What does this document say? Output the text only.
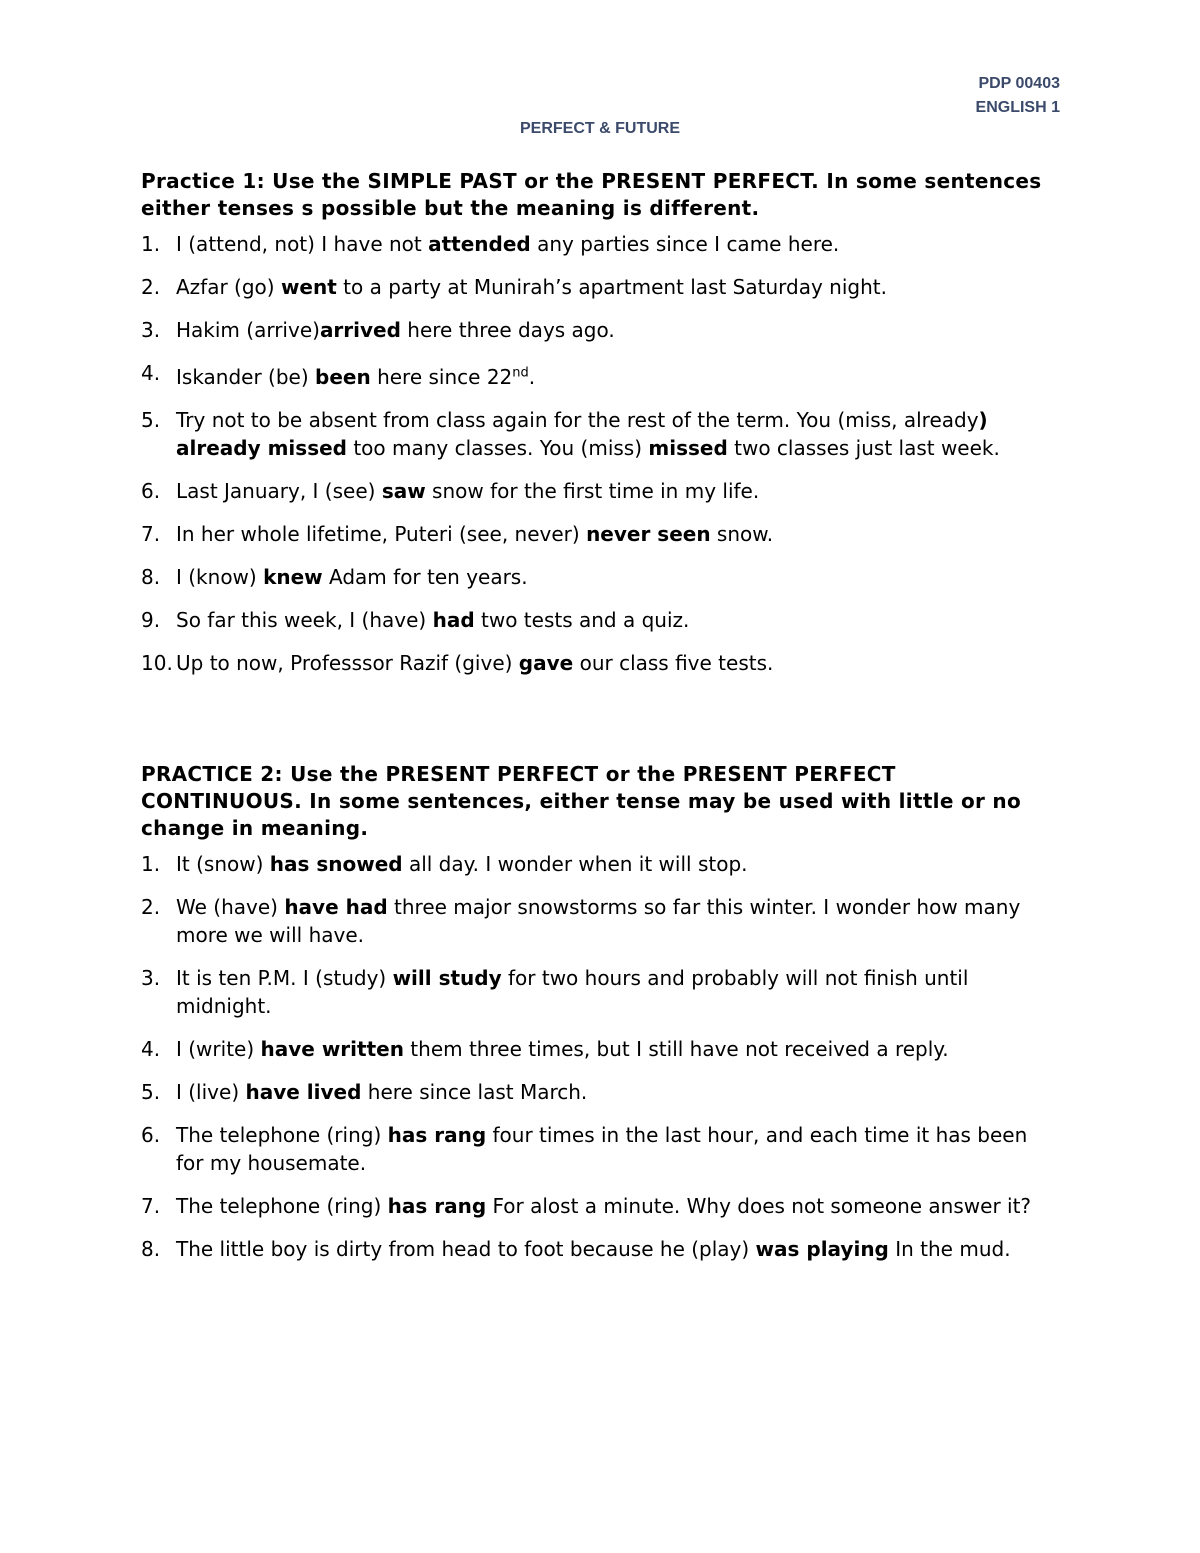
PDP 00403
ENGLISH 1
PERFECT & FUTURE
Practice 1: Use the SIMPLE PAST or the PRESENT PERFECT. In some sentences either tenses s possible but the meaning is different.
1. I (attend, not) I have not attended any parties since I came here.
2. Azfar (go) went to a party at Munirah’s apartment last Saturday night.
3. Hakim (arrive)arrived here three days ago.
4. Iskander (be) been here since 22nd.
5. Try not to be absent from class again for the rest of the term. You (miss, already) already missed too many classes. You (miss) missed two classes just last week.
6. Last January, I (see) saw snow for the first time in my life.
7. In her whole lifetime, Puteri (see, never) never seen snow.
8. I (know) knew Adam for ten years.
9. So far this week, I (have) had two tests and a quiz.
10. Up to now, Professsor Razif (give) gave our class five tests.
PRACTICE 2: Use the PRESENT PERFECT or the PRESENT PERFECT CONTINUOUS. In some sentences, either tense may be used with little or no change in meaning.
1. It (snow) has snowed all day. I wonder when it will stop.
2. We (have) have had three major snowstorms so far this winter. I wonder how many more we will have.
3. It is ten P.M. I (study) will study for two hours and probably will not finish until midnight.
4. I (write) have written them three times, but I still have not received a reply.
5. I (live) have lived here since last March.
6. The telephone (ring) has rang four times in the last hour, and each time it has been for my housemate.
7. The telephone (ring) has rang For alost a minute. Why does not someone answer it?
8. The little boy is dirty from head to foot because he (play) was playing In the mud.
